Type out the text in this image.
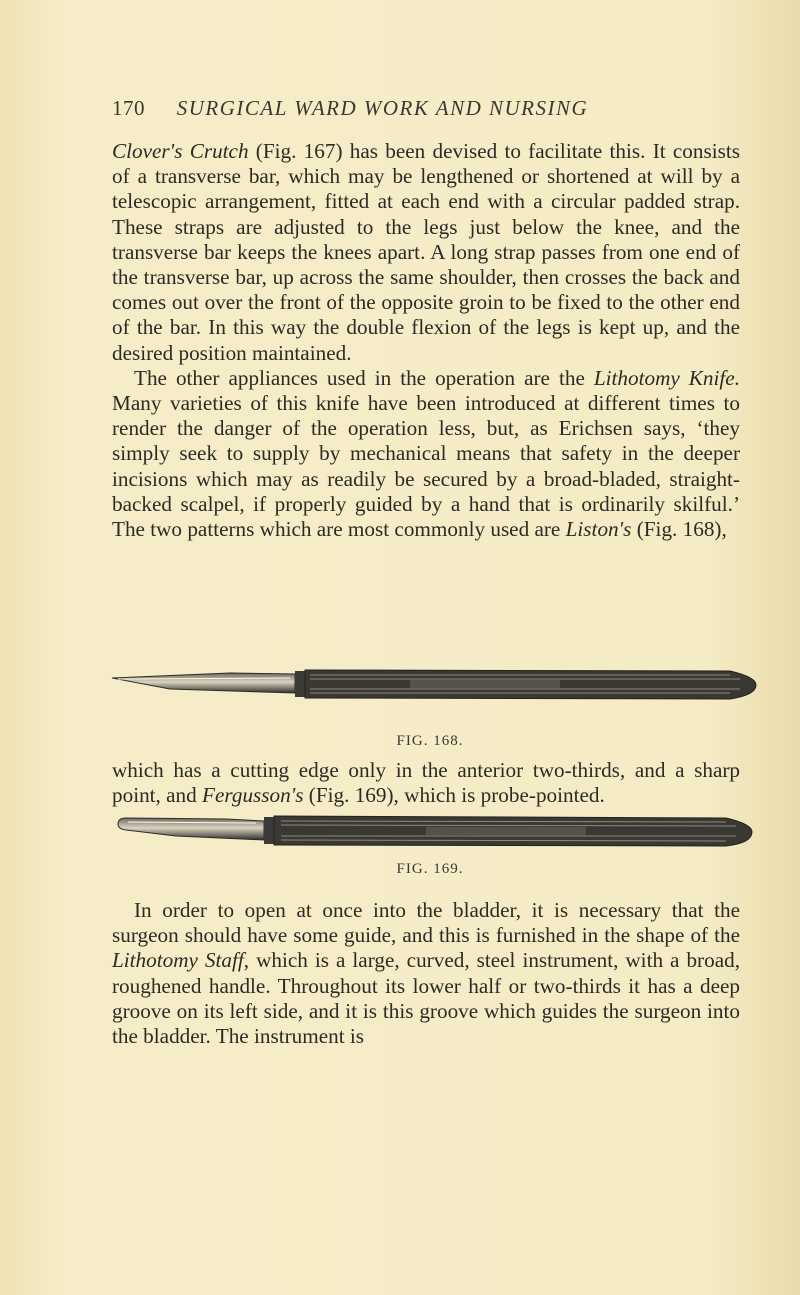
170 SURGICAL WARD WORK AND NURSING

Clover's Crutch (Fig. 167) has been devised to facilitate this. It consists of a transverse bar, which may be lengthened or shortened at will by a telescopic arrangement, fitted at each end with a circular padded strap. These straps are adjusted to the legs just below the knee, and the transverse bar keeps the knees apart. A long strap passes from one end of the transverse bar, up across the same shoulder, then crosses the back and comes out over the front of the opposite groin to be fixed to the other end of the bar. In this way the double flexion of the legs is kept up, and the desired position maintained.

The other appliances used in the operation are the Lithotomy Knife. Many varieties of this knife have been introduced at different times to render the danger of the operation less, but, as Erichsen says, ‘they simply seek to supply by mechanical means that safety in the deeper incisions which may as readily be secured by a broad-bladed, straight-backed scalpel, if properly guided by a hand that is ordinarily skilful.’ The two patterns which are most commonly used are Liston's (Fig. 168),

FIG. 168.

which has a cutting edge only in the anterior two-thirds, and a sharp point, and Fergusson's (Fig. 169), which is probe-pointed.

FIG. 169.

In order to open at once into the bladder, it is necessary that the surgeon should have some guide, and this is furnished in the shape of the Lithotomy Staff, which is a large, curved, steel instrument, with a broad, roughened handle. Throughout its lower half or two-thirds it has a deep groove on its left side, and it is this groove which guides the surgeon into the bladder. The instrument is
